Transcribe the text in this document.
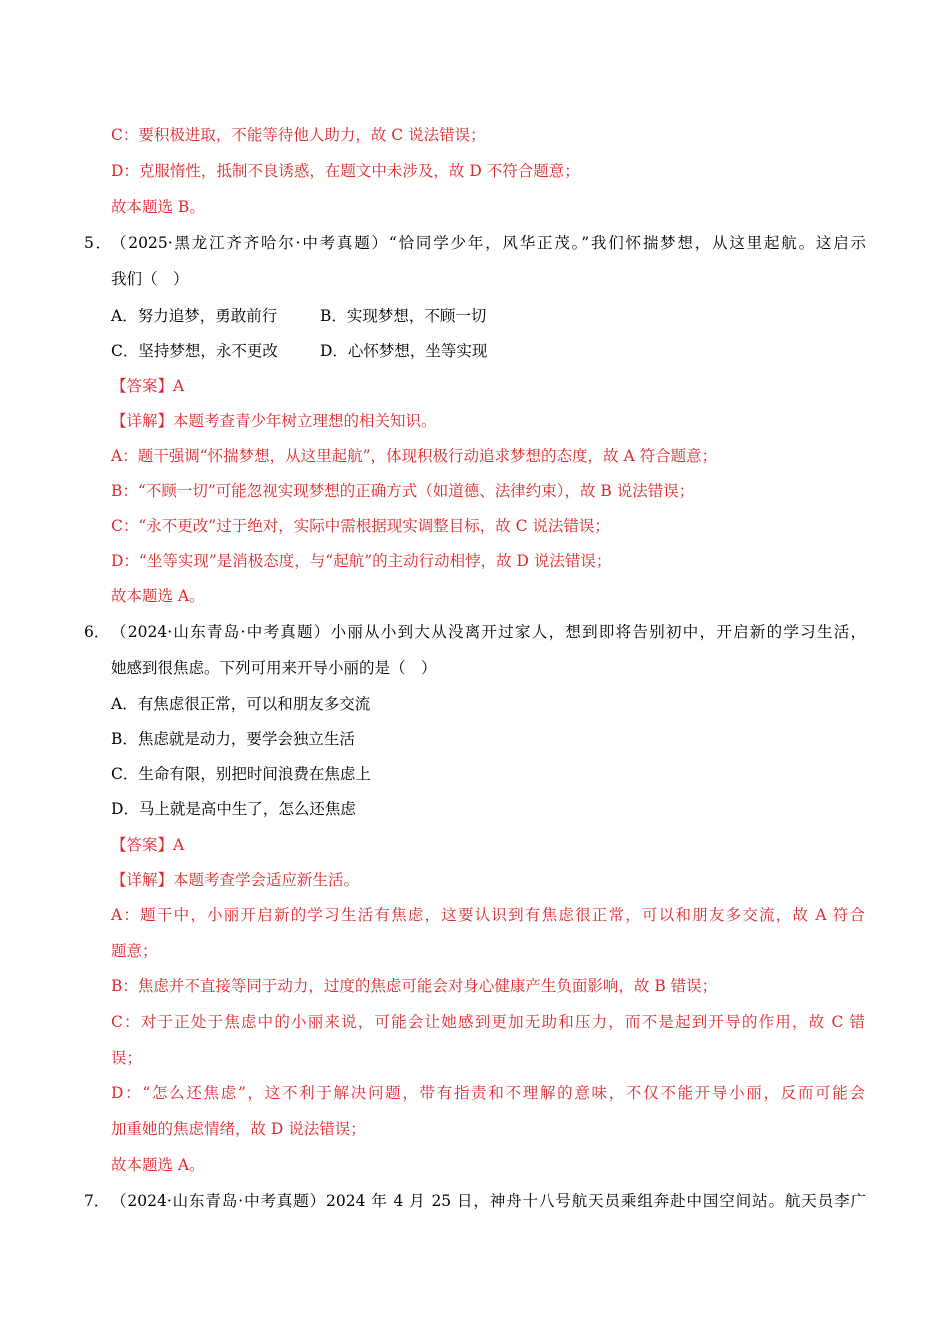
C：要积极进取，不能等待他人助力，故 C 说法错误；
D：克服惰性，抵制不良诱惑，在题文中未涉及，故 D 不符合题意；
故本题选 B。
5． （2025·黑龙江齐齐哈尔·中考真题）“恰同学少年，风华正茂。”我们怀揣梦想，从这里起航。这启示
我们（　）
A．努力追梦，勇敢前行	B．实现梦想，不顾一切
C．坚持梦想，永不更改	D．心怀梦想，坐等实现
【答案】A
【详解】本题考查青少年树立理想的相关知识。
A：题干强调“怀揣梦想，从这里起航”，体现积极行动追求梦想的态度，故 A 符合题意；
B：“不顾一切”可能忽视实现梦想的正确方式（如道德、法律约束），故 B 说法错误；
C：“永不更改”过于绝对，实际中需根据现实调整目标，故 C 说法错误；
D：“坐等实现”是消极态度，与“起航”的主动行动相悖，故 D 说法错误；
故本题选 A。
6． （2024·山东青岛·中考真题）小丽从小到大从没离开过家人，想到即将告别初中，开启新的学习生活，
她感到很焦虑。下列可用来开导小丽的是（　）
A．有焦虑很正常，可以和朋友多交流
B．焦虑就是动力，要学会独立生活
C．生命有限，别把时间浪费在焦虑上
D．马上就是高中生了，怎么还焦虑
【答案】A
【详解】本题考查学会适应新生活。
A：题干中，小丽开启新的学习生活有焦虑，这要认识到有焦虑很正常，可以和朋友多交流，故 A 符合
题意；
B：焦虑并不直接等同于动力，过度的焦虑可能会对身心健康产生负面影响，故 B 错误；
C：对于正处于焦虑中的小丽来说，可能会让她感到更加无助和压力，而不是起到开导的作用，故 C 错
误；
D：“怎么还焦虑”，这不利于解决问题，带有指责和不理解的意味，不仅不能开导小丽，反而可能会
加重她的焦虑情绪，故 D 说法错误；
故本题选 A。
7． （2024·山东青岛·中考真题）2024 年 4 月 25 日，神舟十八号航天员乘组奔赴中国空间站。航天员李广
